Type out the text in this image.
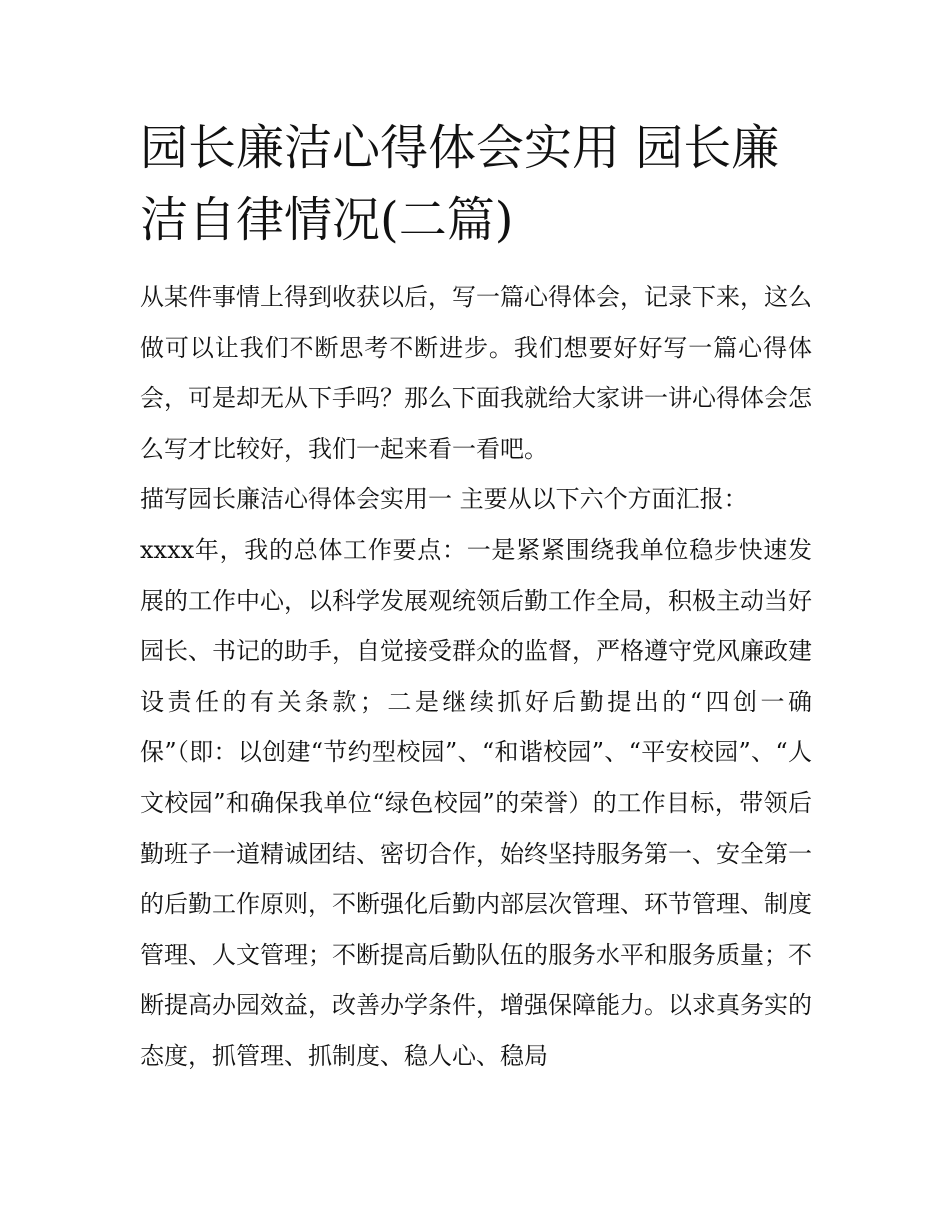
园长廉洁心得体会实用 园长廉洁自律情况(二篇)

从某件事情上得到收获以后，写一篇心得体会，记录下来，这么做可以让我们不断思考不断进步。我们想要好好写一篇心得体会，可是却无从下手吗？那么下面我就给大家讲一讲心得体会怎么写才比较好，我们一起来看一看吧。

描写园长廉洁心得体会实用一 主要从以下六个方面汇报：

xxxx年，我的总体工作要点：一是紧紧围绕我单位稳步快速发展的工作中心，以科学发展观统领后勤工作全局，积极主动当好园长、书记的助手，自觉接受群众的监督，严格遵守党风廉政建设责任的有关条款；二是继续抓好后勤提出的“四创一确保”（即：以创建“节约型校园”、“和谐校园”、“平安校园”、“人文校园”和确保我单位“绿色校园”的荣誉）的工作目标，带领后勤班子一道精诚团结、密切合作，始终坚持服务第一、安全第一的后勤工作原则，不断强化后勤内部层次管理、环节管理、制度管理、人文管理；不断提高后勤队伍的服务水平和服务质量；不断提高办园效益，改善办学条件，增强保障能力。以求真务实的态度，抓管理、抓制度、稳人心、稳局
